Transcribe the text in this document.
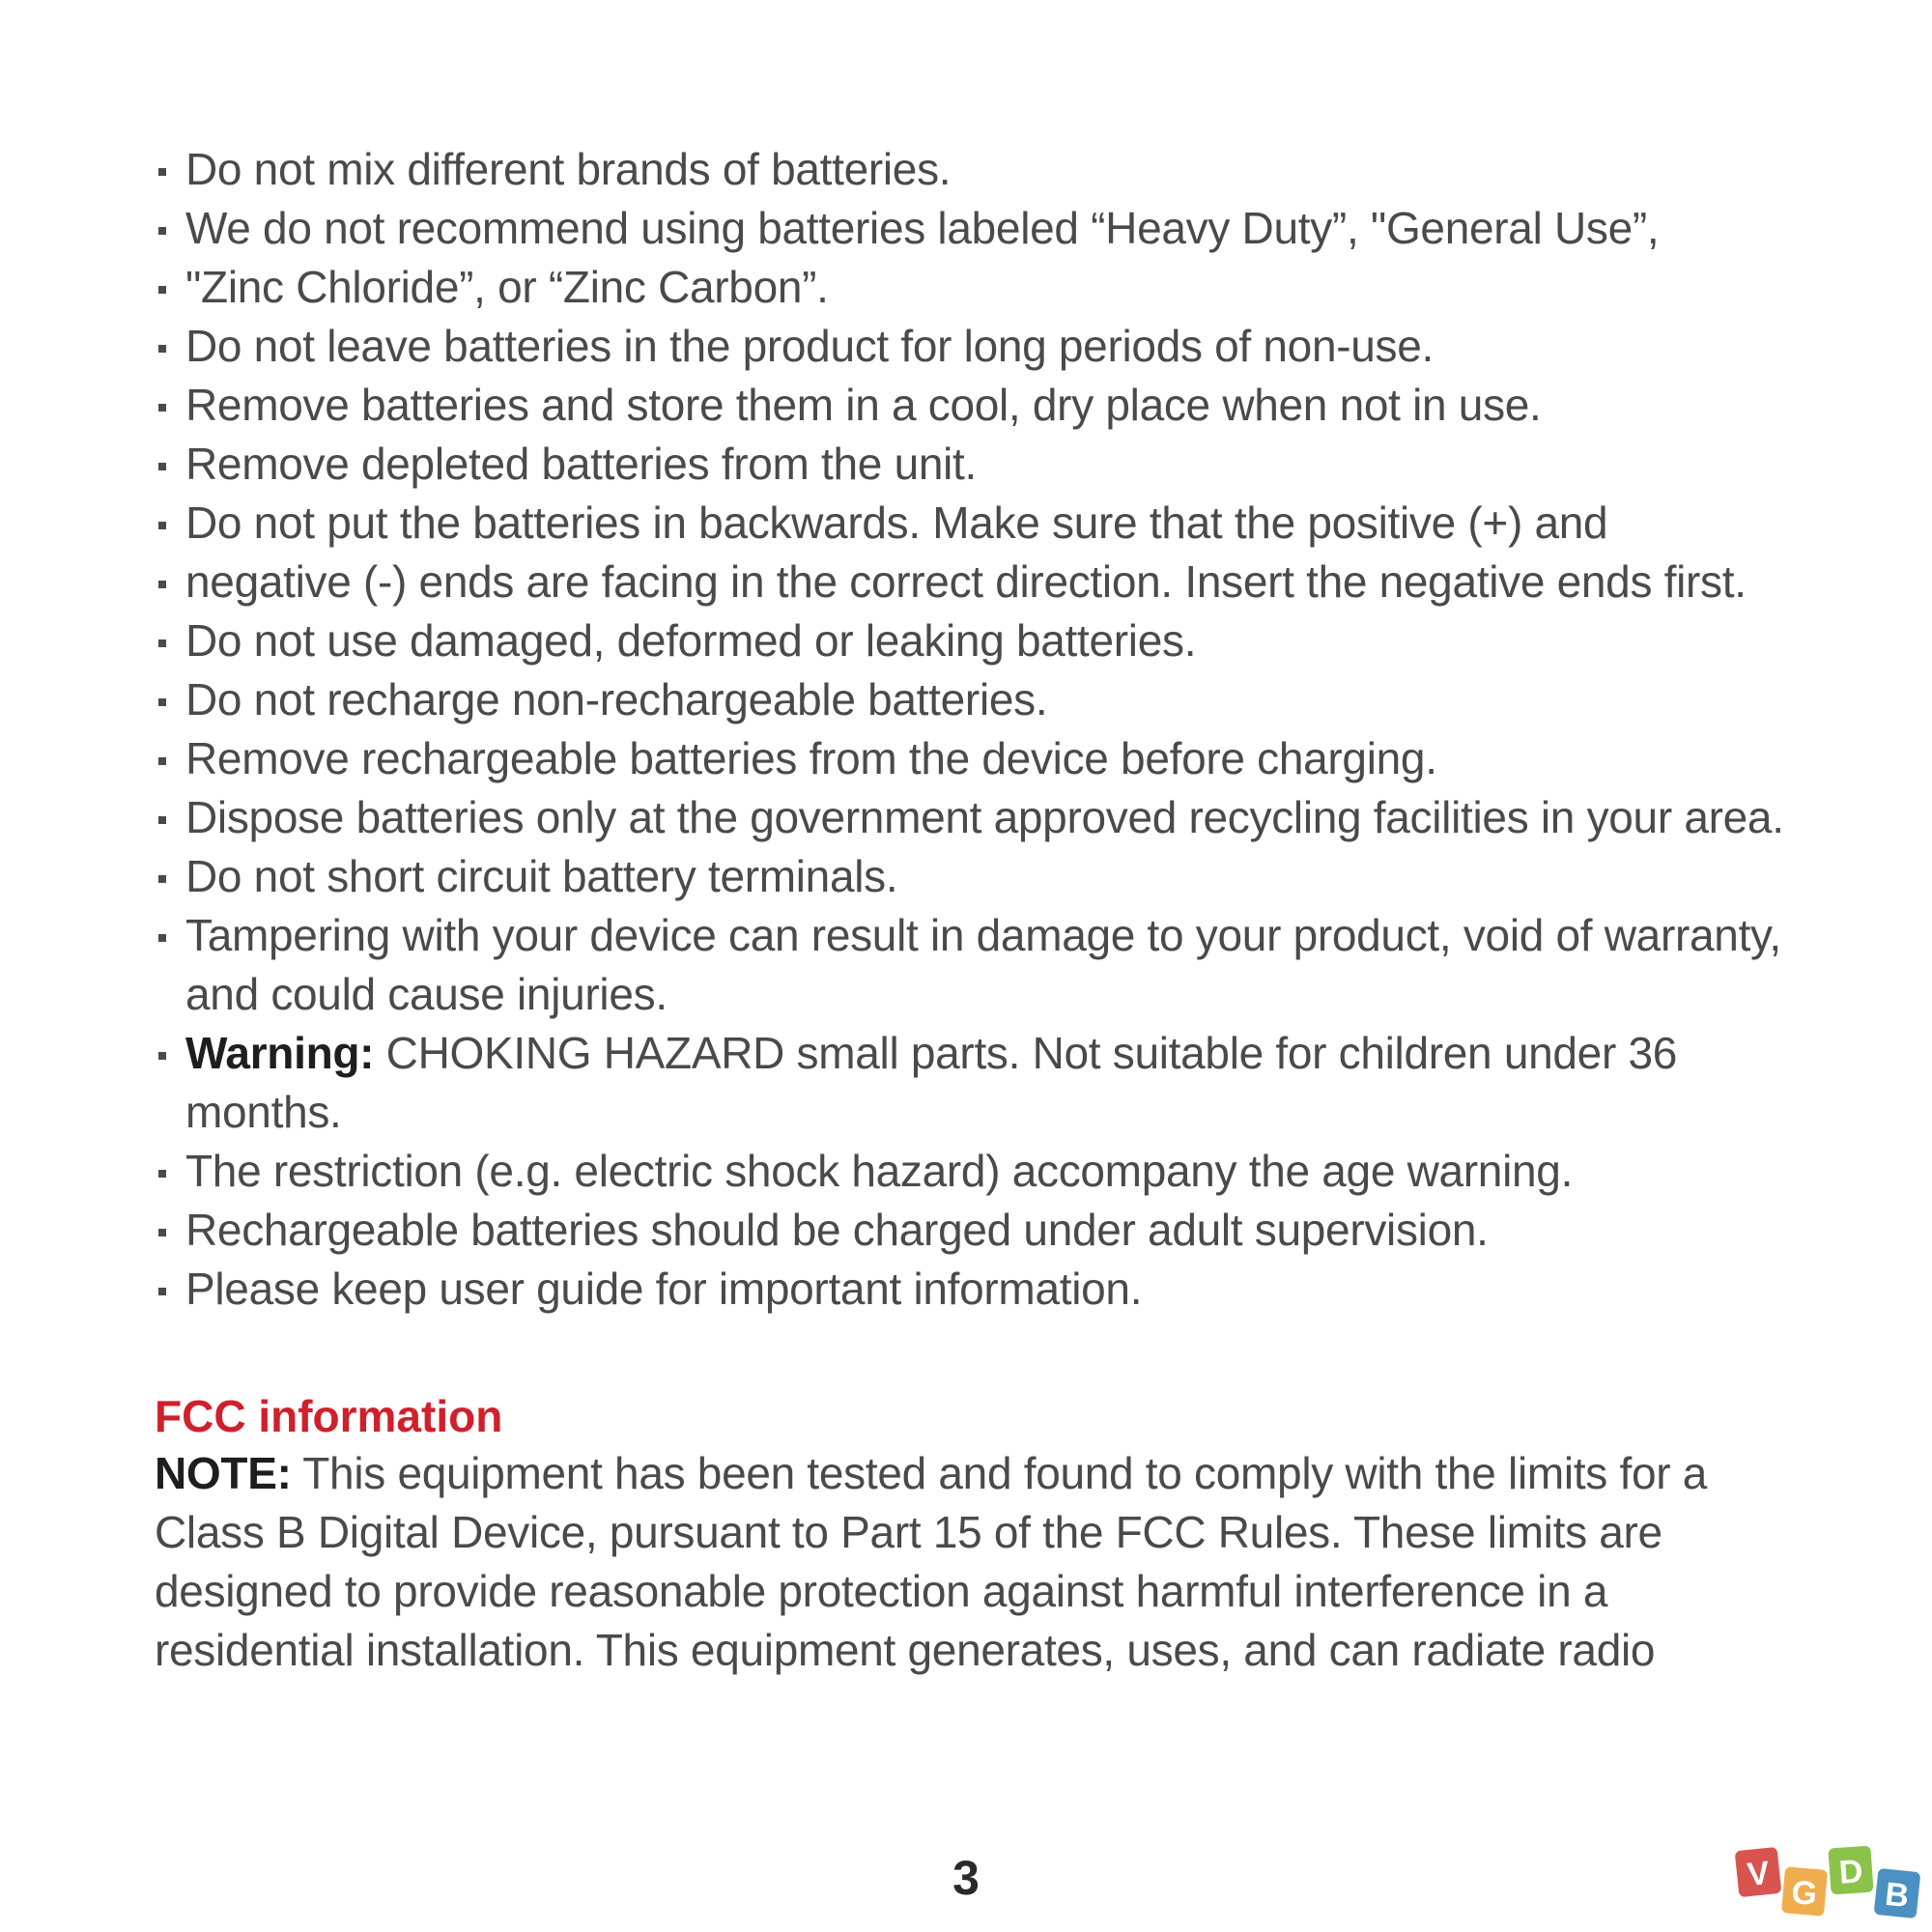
Do not mix different brands of batteries.
We do not recommend using batteries labeled “Heavy Duty”, "General Use”,
"Zinc Chloride”, or “Zinc Carbon”.
Do not leave batteries in the product for long periods of non-use.
Remove batteries and store them in a cool, dry place when not in use.
Remove depleted batteries from the unit.
Do not put the batteries in backwards. Make sure that the positive (+) and
negative (-) ends are facing in the correct direction. Insert the negative ends first.
Do not use damaged, deformed or leaking batteries.
Do not recharge non-rechargeable batteries.
Remove rechargeable batteries from the device before charging.
Dispose batteries only at the government approved recycling facilities in your area.
Do not short circuit battery terminals.
Tampering with your device can result in damage to your product, void of warranty, and could cause injuries.
Warning: CHOKING HAZARD small parts. Not suitable for children under 36 months.
The restriction (e.g. electric shock hazard) accompany the age warning.
Rechargeable batteries should be charged under adult supervision.
Please keep user guide for important information.
FCC information

NOTE: This equipment has been tested and found to comply with the limits for a Class B Digital Device, pursuant to Part 15 of the FCC Rules. These limits are designed to provide reasonable protection against harmful interference in a residential installation. This equipment generates, uses, and can radiate radio

3	V G
D
B
